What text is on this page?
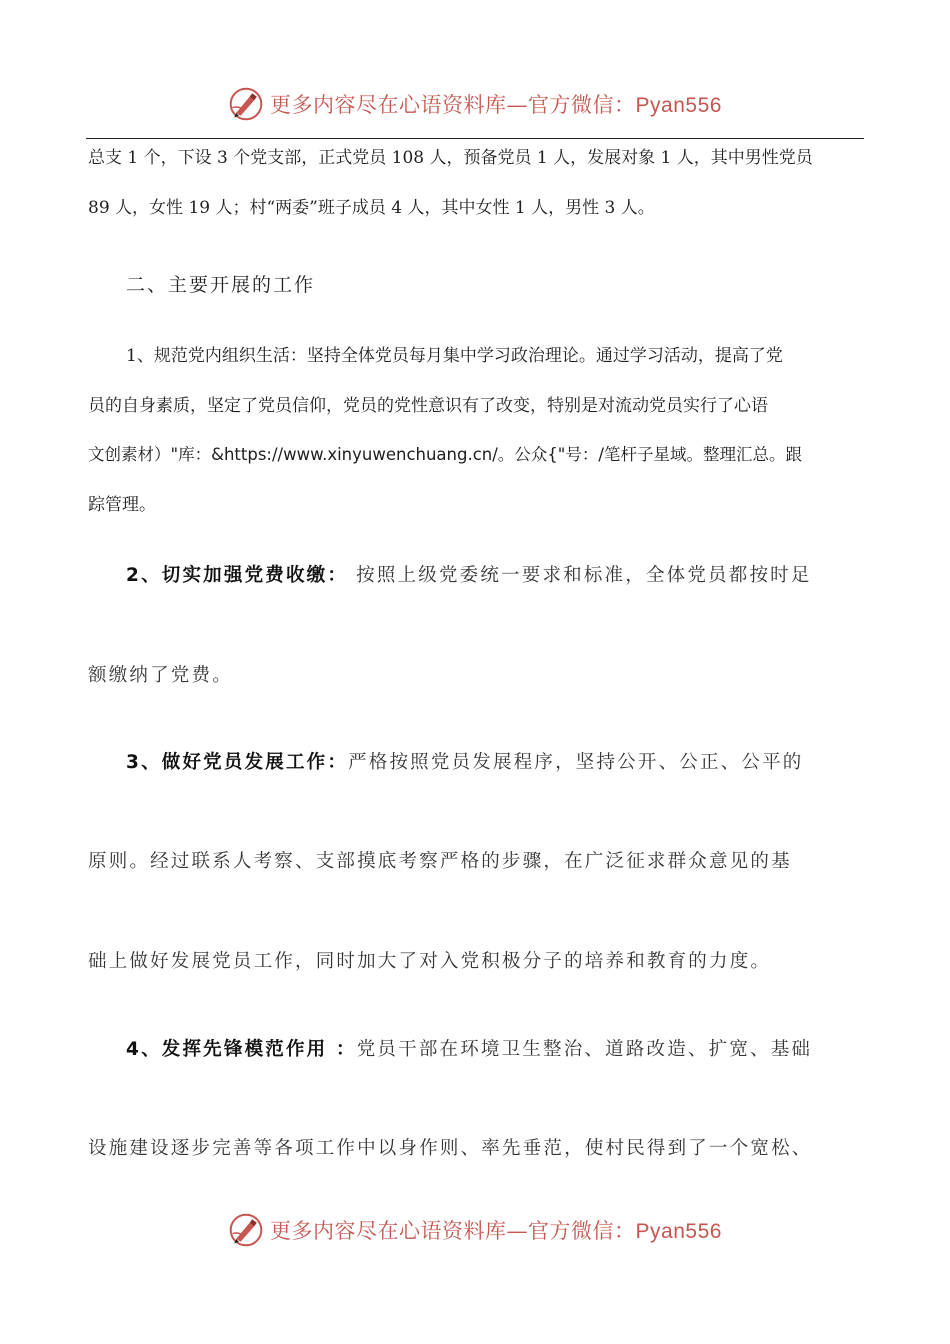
更多内容尽在心语资料库—官方微信：Pyan556
总支 1 个，下设 3 个党支部，正式党员 108 人，预备党员 1 人，发展对象 1 人，其中男性党员
89 人，女性 19 人；村“两委”班子成员 4 人，其中女性 1 人，男性 3 人。
二、主要开展的工作
1、规范党内组织生活：坚持全体党员每月集中学习政治理论。通过学习活动，提高了党
员的自身素质，坚定了党员信仰，党员的党性意识有了改变，特别是对流动党员实行了心语
文创素材）"库：&https://www.xinyuwenchuang.cn/。公众{"号：/笔杆子星域。整理汇总。跟
踪管理。
2、切实加强党费收缴： 按照上级党委统一要求和标准，全体党员都按时足
额缴纳了党费。
3、做好党员发展工作：严格按照党员发展程序，坚持公开、公正、公平的
原则。经过联系人考察、支部摸底考察严格的步骤，在广泛征求群众意见的基
础上做好发展党员工作，同时加大了对入党积极分子的培养和教育的力度。
4、发挥先锋模范作用 ：党员干部在环境卫生整治、道路改造、扩宽、基础
设施建设逐步完善等各项工作中以身作则、率先垂范，使村民得到了一个宽松、
更多内容尽在心语资料库—官方微信：Pyan556
